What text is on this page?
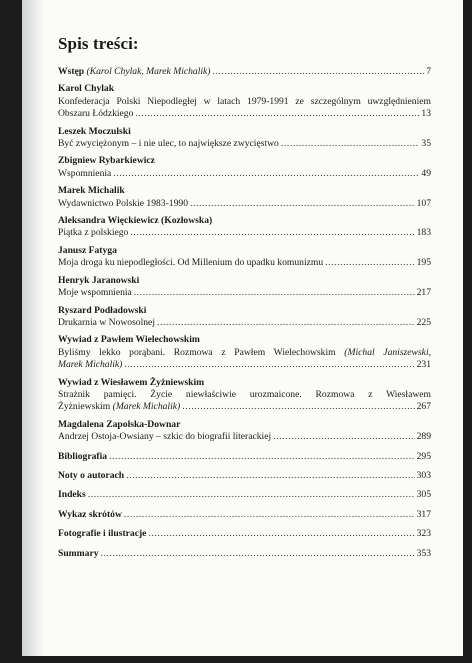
Spis treści:
Wstęp (Karol Chylak, Marek Michalik) .....	7
Karol Chylak
Konfederacja Polski Niepodległej w latach 1979-1991 ze szczególnym uwzględnieniem
Obszaru Łódzkiego .....	13
Leszek Moczulski
Być zwyciężonym – i nie ulec, to największe zwycięstwo .....	35
Zbigniew Rybarkiewicz
Wspomnienia .....	49
Marek Michalik
Wydawnictwo Polskie 1983-1990 .....	107
Aleksandra Więckiewicz (Kozłowska)
Piątka z polskiego .....	183
Janusz Fatyga
Moja droga ku niepodległości. Od Millenium do upadku komunizmu .....	195
Henryk Jaranowski
Moje wspomnienia .....	217
Ryszard Podładowski
Drukarnia w Nowosolnej .....	225
Wywiad z Pawłem Wielechowskim
Byliśmy lekko porąbani. Rozmowa z Pawłem Wielechowskim (Michal Janiszewski,
Marek Michalik) .....	231
Wywiad z Wiesławem Żyżniewskim
Strażnik pamięci. Życie niewłaściwie urozmaicone. Rozmowa z Wiesławem
Żyżniewskim (Marek Michalik) .....	267
Magdalena Zapolska-Downar
Andrzej Ostoja-Owsiany – szkic do biografii literackiej .....	289
Bibliografia .....	295
Noty o autorach .....	303
Indeks .....	305
Wykaz skrótów .....	317
Fotografie i ilustracje .....	323
Summary .....	353
